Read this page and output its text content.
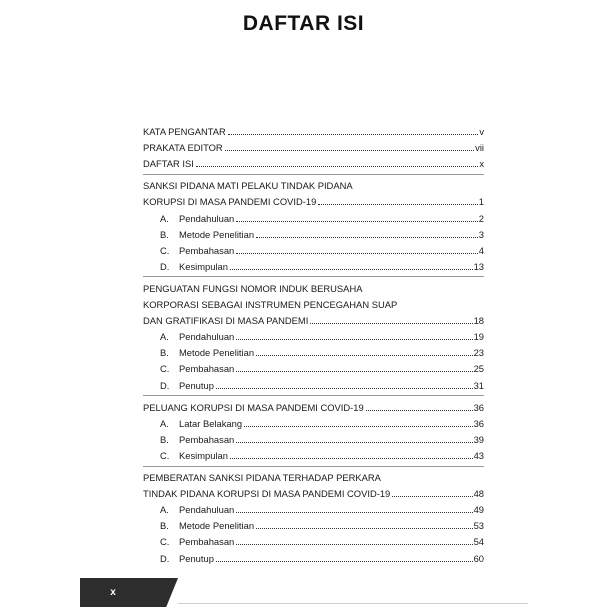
DAFTAR ISI
KATA PENGANTAR	v
PRAKATA EDITOR	vii
DAFTAR ISI	x
SANKSI PIDANA MATI PELAKU TINDAK PIDANA
KORUPSI DI MASA PANDEMI COVID-19	1
A.	Pendahuluan	2
B.	Metode Penelitian	3
C.	Pembahasan	4
D.	Kesimpulan	13
PENGUATAN FUNGSI NOMOR INDUK BERUSAHA
KORPORASI SEBAGAI INSTRUMEN PENCEGAHAN SUAP
DAN GRATIFIKASI DI MASA PANDEMI	18
A.	Pendahuluan	19
B.	Metode Penelitian	23
C.	Pembahasan	25
D.	Penutup	31
PELUANG KORUPSI DI MASA PANDEMI COVID-19	36
A.	Latar Belakang	36
B.	Pembahasan	39
C.	Kesimpulan	43
PEMBERATAN SANKSI PIDANA TERHADAP PERKARA
TINDAK PIDANA KORUPSI DI MASA PANDEMI COVID-19	48
A.	Pendahuluan	49
B.	Metode Penelitian	53
C.	Pembahasan	54
D.	Penutup	60
x
